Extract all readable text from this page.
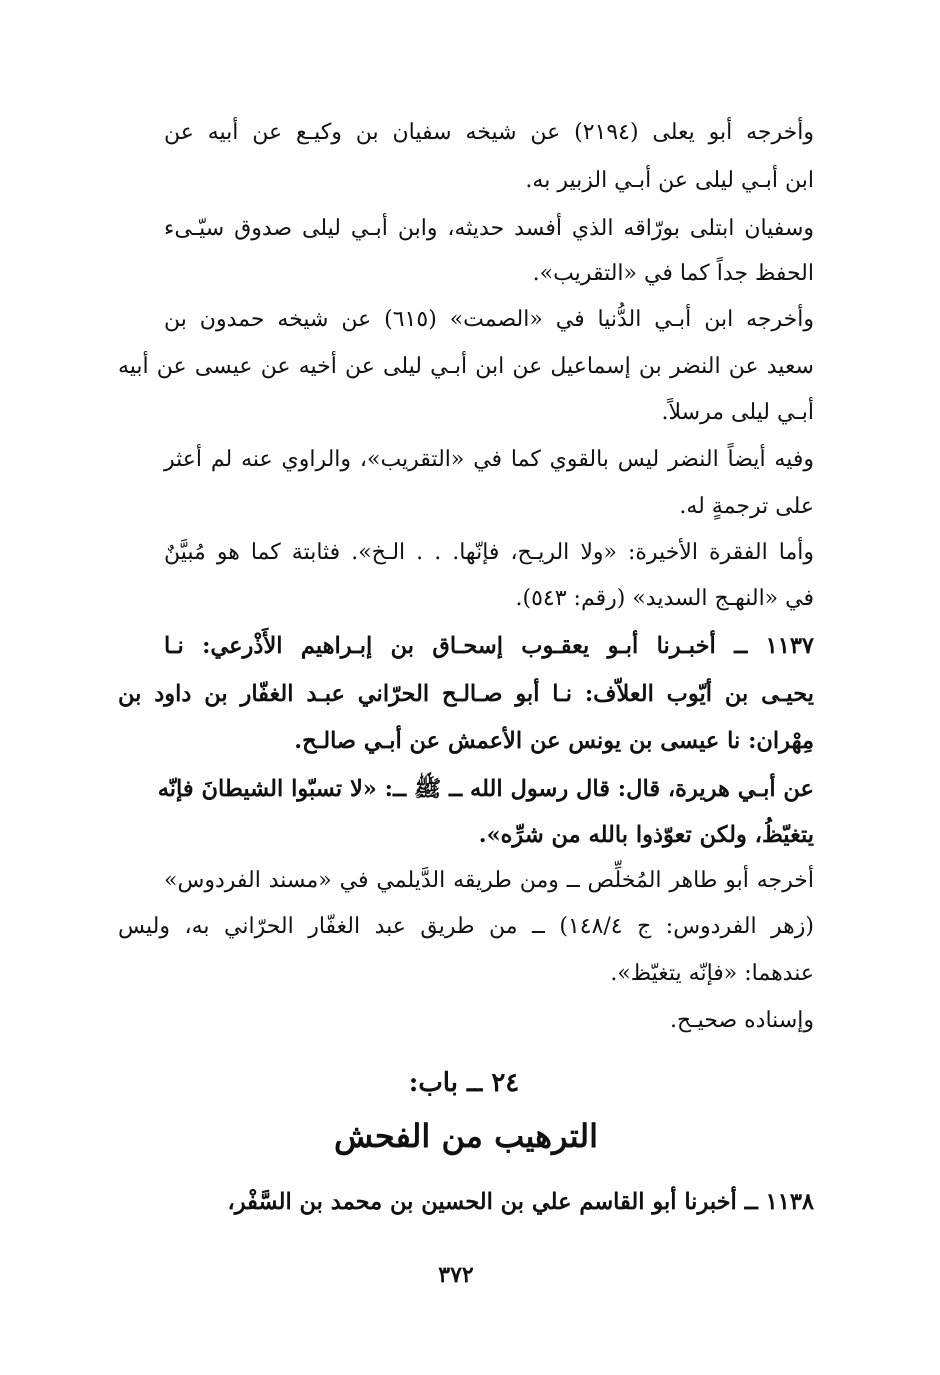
وأخرجه أبو يعلى (٢١٩٤) عن شيخه سفيان بن وكيـع عن أبيه عن
ابن أبـي ليلى عن أبـي الزبير به.
وسفيان ابتلى بورّاقه الذي أفسد حديثه، وابن أبـي ليلى صدوق سيّـىء
الحفظ جداً كما في «التقريب».
وأخرجه ابن أبـي الدُّنيا في «الصمت» (٦١٥) عن شيخه حمدون بن
سعيد عن النضر بن إسماعيل عن ابن أبـي ليلى عن أخيه عن عيسى عن أبيه
أبـي ليلى مرسلاً.
وفيه أيضاً النضر ليس بالقوي كما في «التقريب»، والراوي عنه لم أعثر
على ترجمةٍ له.
وأما الفقرة الأخيرة: «ولا الريـح، فإنّها. . . الـخ». فثابتة كما هو مُبيَّنٌ
في «النهـج السديد» (رقم: ٥٤٣).
١١٣٧ ــ أخبـرنا أبـو يعقـوب إسحـاق بن إبـراهيم الأَذْرعي: نـا
يحيـى بن أيّوب العلاّف: نـا أبو صـالـح الحرّاني عبـد الغفّار بن داود بن
مِهْران: نا عيسى بن يونس عن الأعمش عن أبـي صالـح.
عن أبـي هريرة، قال: قال رسول الله ــ ﷺ ــ: «لا تسبّوا الشيطانَ فإنّه
يتغيّظُ، ولكن تعوّذوا بالله من شرِّه».
أخرجه أبو طاهر المُخلِّص ــ ومن طريقه الدَّيلمي في «مسند الفردوس»
(زهر الفردوس: ج ١٤٨/٤) ــ من طريق عبد الغفّار الحرّاني به، وليس
عندهما: «فإنّه يتغيّظ».
وإسناده صحيـح.
٢٤ ــ باب:
الترهيب من الفحش
١١٣٨ ــ أخبرنا أبو القاسم علي بن الحسين بن محمد بن السَّفْر،
٣٧٢
